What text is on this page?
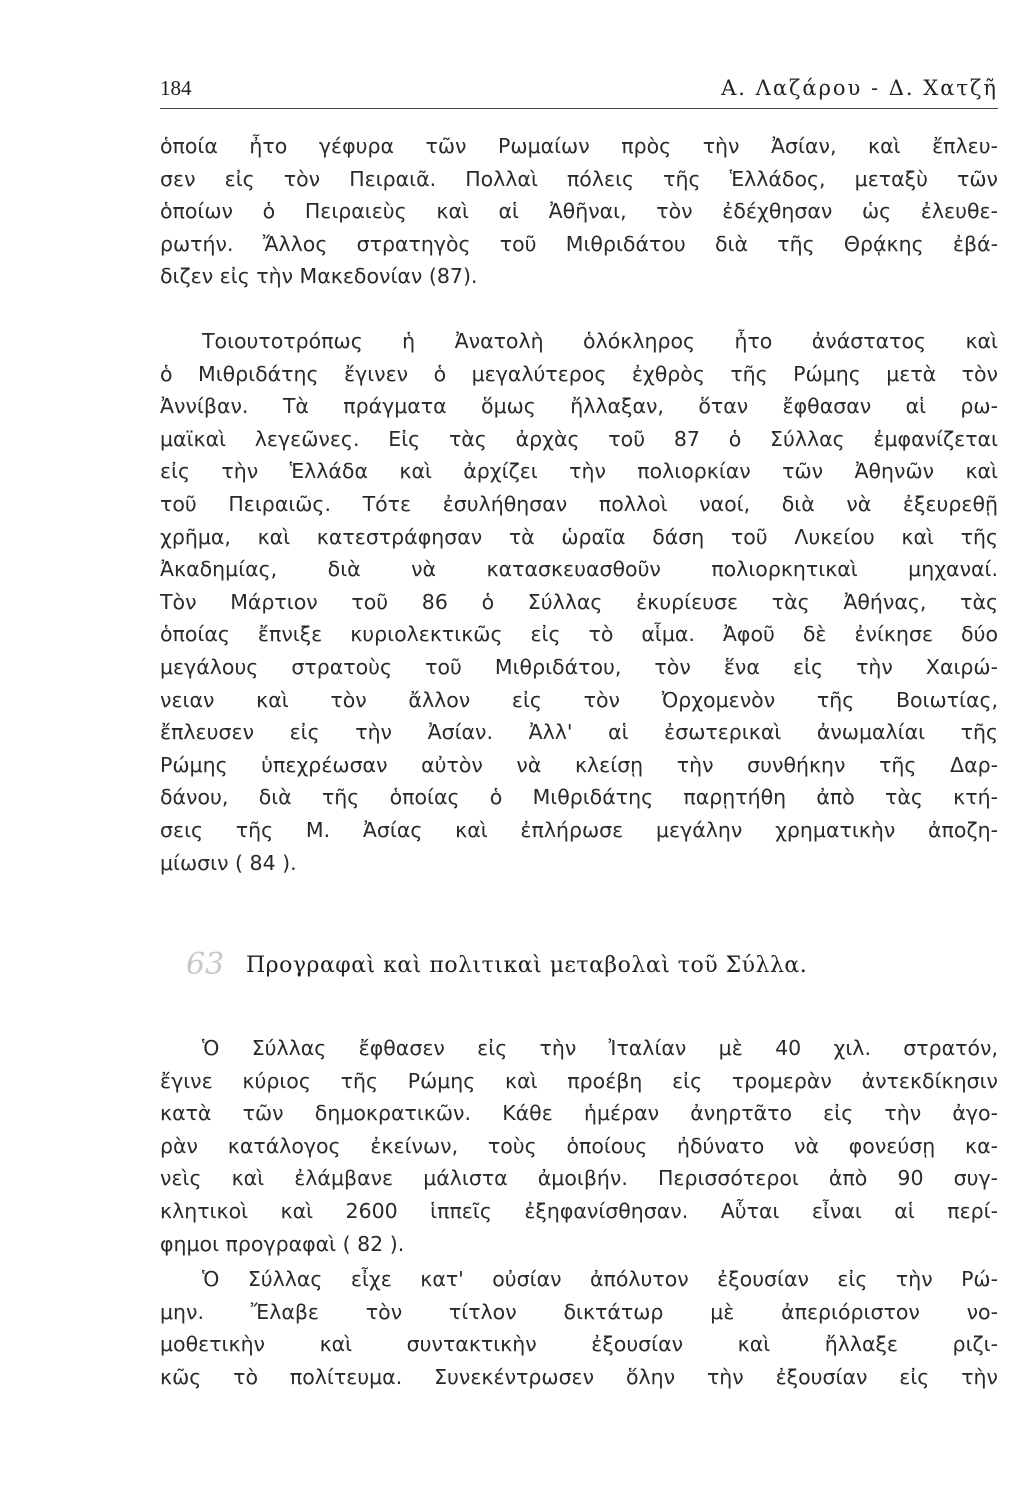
184	Α. Λαζάρου - Δ. Χατζῆ

ὁποία ἦτο γέφυρα τῶν Ρωμαίων πρὸς τὴν Ἀσίαν, καὶ ἔπλευ-
σεν εἰς τὸν Πειραιᾶ. Πολλαὶ πόλεις τῆς Ἑλλάδος, μεταξὺ τῶν
ὁποίων ὁ Πειραιεὺς καὶ αἱ Ἀθῆναι, τὸν ἐδέχθησαν ὡς ἐλευθε-
ρωτήν. Ἄλλος στρατηγὸς τοῦ Μιθριδάτου διὰ τῆς Θρᾴκης ἐβά-
διζεν εἰς τὴν Μακεδονίαν (87).

Τοιουτοτρόπως ἡ Ἀνατολὴ ὁλόκληρος ἦτο ἀνάστατος καὶ
ὁ Μιθριδάτης ἔγινεν ὁ μεγαλύτερος ἐχθρὸς τῆς Ρώμης μετὰ τὸν
Ἀννίβαν. Τὰ πράγματα ὅμως ἤλλαξαν, ὅταν ἔφθασαν αἱ ρω-
μαϊκαὶ λεγεῶνες. Εἰς τὰς ἀρχὰς τοῦ 87 ὁ Σύλλας ἐμφανίζεται
εἰς τὴν Ἑλλάδα καὶ ἀρχίζει τὴν πολιορκίαν τῶν Ἀθηνῶν καὶ
τοῦ Πειραιῶς. Τότε ἐσυλήθησαν πολλοὶ ναοί, διὰ νὰ ἐξευρεθῇ
χρῆμα, καὶ κατεστράφησαν τὰ ὡραῖα δάση τοῦ Λυκείου καὶ τῆς
Ἀκαδημίας, διὰ νὰ κατασκευασθοῦν πολιορκητικαὶ μηχαναί.
Τὸν Μάρτιον τοῦ 86 ὁ Σύλλας ἐκυρίευσε τὰς Ἀθήνας, τὰς
ὁποίας ἔπνιξε κυριολεκτικῶς εἰς τὸ αἷμα. Ἀφοῦ δὲ ἐνίκησε δύο
μεγάλους στρατοὺς τοῦ Μιθριδάτου, τὸν ἕνα εἰς τὴν Χαιρώ-
νειαν καὶ τὸν ἄλλον εἰς τὸν Ὀρχομενὸν τῆς Βοιωτίας,
ἔπλευσεν εἰς τὴν Ἀσίαν. Ἀλλ' αἱ ἐσωτερικαὶ ἀνωμαλίαι τῆς
Ρώμης ὑπεχρέωσαν αὐτὸν νὰ κλείσῃ τὴν συνθήκην τῆς Δαρ-
δάνου, διὰ τῆς ὁποίας ὁ Μιθριδάτης παρῃτήθη ἀπὸ τὰς κτή-
σεις τῆς Μ. Ἀσίας καὶ ἐπλήρωσε μεγάλην χρηματικὴν ἀποζη-
μίωσιν ( 84 ).

63 Προγραφαὶ καὶ πολιτικαὶ μεταβολαὶ τοῦ Σύλλα.

Ὁ Σύλλας ἔφθασεν εἰς τὴν Ἰταλίαν μὲ 40 χιλ. στρατόν,
ἔγινε κύριος τῆς Ρώμης καὶ προέβη εἰς τρομερὰν ἀντεκδίκησιν
κατὰ τῶν δημοκρατικῶν. Κάθε ἡμέραν ἀνηρτᾶτο εἰς τὴν ἀγο-
ρὰν κατάλογος ἐκείνων, τοὺς ὁποίους ἠδύνατο νὰ φονεύσῃ κα-
νεὶς καὶ ἐλάμβανε μάλιστα ἀμοιβήν. Περισσότεροι ἀπὸ 90 συγ-
κλητικοὶ καὶ 2600 ἱππεῖς ἐξηφανίσθησαν. Αὗται εἶναι αἱ περί-
φημοι προγραφαὶ ( 82 ).

Ὁ Σύλλας εἶχε κατ' οὐσίαν ἀπόλυτον ἐξουσίαν εἰς τὴν Ρώ-
μην. Ἔλαβε τὸν τίτλον δικτάτωρ μὲ ἀπεριόριστον νο-
μοθετικὴν καὶ συντακτικὴν ἐξουσίαν καὶ ἤλλαξε ριζι-
κῶς τὸ πολίτευμα. Συνεκέντρωσεν ὅλην τὴν ἐξουσίαν εἰς τὴν
